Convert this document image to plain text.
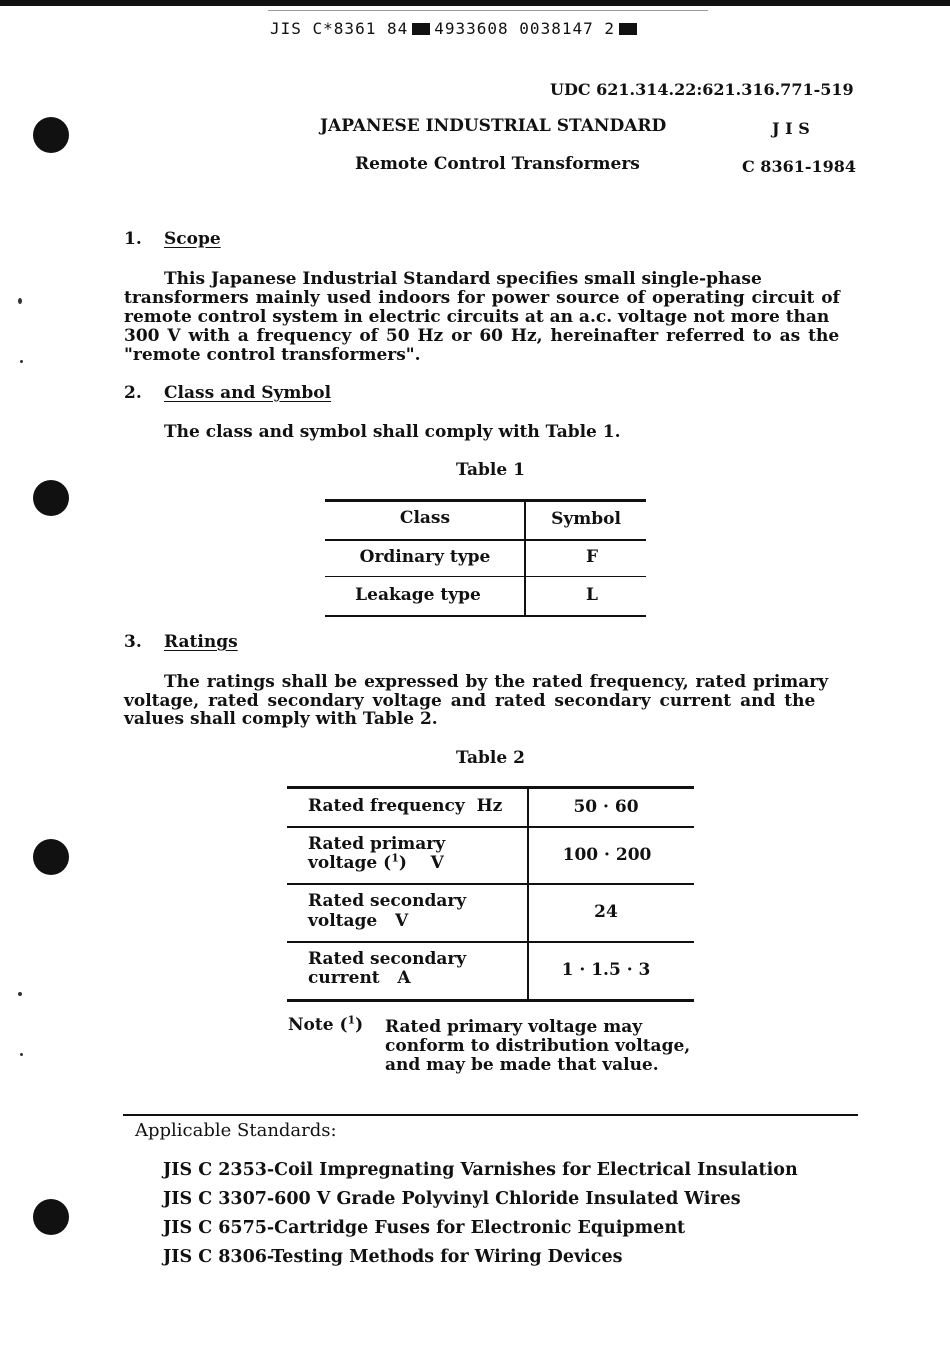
JIS C*8361 84 4933608 0038147 2
UDC 621.314.22:621.316.771-519
JAPANESE INDUSTRIAL STANDARD	J I S
Remote Control Transformers	C 8361-1984
1. Scope
This Japanese Industrial Standard specifies small single-phase
transformers mainly used indoors for power source of operating circuit of
remote control system in electric circuits at an a.c. voltage not more than
300 V with a frequency of 50 Hz or 60 Hz, hereinafter referred to as the
"remote control transformers".
2. Class and Symbol
The class and symbol shall comply with Table 1.
Table 1
Class	Symbol
Ordinary type	F
Leakage type	L
3. Ratings
The ratings shall be expressed by the rated frequency, rated primary
voltage, rated secondary voltage and rated secondary current and the
values shall comply with Table 2.
Table 2
Rated frequency  Hz	50 · 60
Rated primary
voltage ($^1$)    V	100 · 200
Rated secondary
voltage   V	24
Rated secondary
current   A	1 · 1.5 · 3
Note ($^1$) Rated primary voltage may
conform to distribution voltage,
and may be made that value.
Applicable Standards:
JIS C 2353-Coil Impregnating Varnishes for Electrical Insulation
JIS C 3307-600 V Grade Polyvinyl Chloride Insulated Wires
JIS C 6575-Cartridge Fuses for Electronic Equipment
JIS C 8306-Testing Methods for Wiring Devices
